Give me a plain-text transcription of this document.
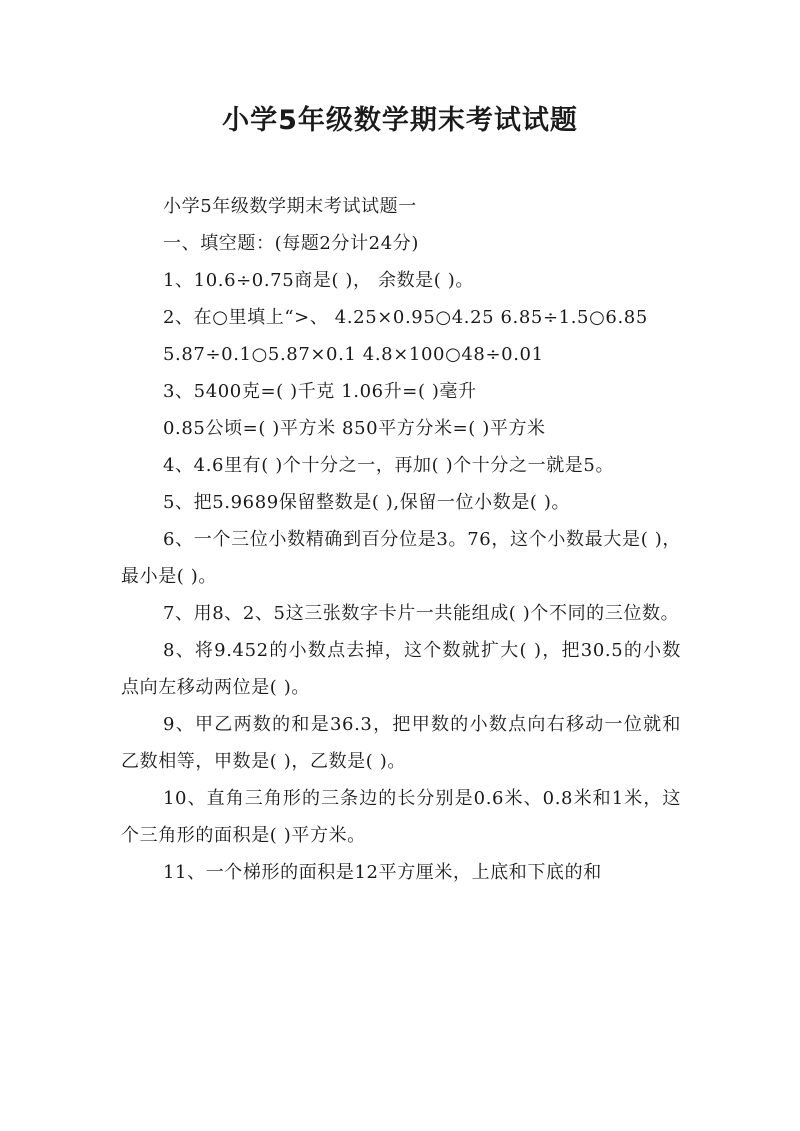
小学5年级数学期末考试试题

小学5年级数学期末考试试题一

一、填空题：(每题2分计24分)

1、10.6÷0.75商是( )， 余数是( )。

2、在○里填上“>、 4.25×0.95○4.25 6.85÷1.5○6.85

5.87÷0.1○5.87×0.1 4.8×100○48÷0.01

3、5400克=( )千克 1.06升=( )毫升

0.85公顷=( )平方米 850平方分米=( )平方米

4、4.6里有( )个十分之一，再加( )个十分之一就是5。

5、把5.9689保留整数是( ),保留一位小数是( )。

6、一个三位小数精确到百分位是3。76，这个小数最大是( )，最小是( )。

7、用8、2、5这三张数字卡片一共能组成( )个不同的三位数。

8、将9.452的小数点去掉，这个数就扩大( )，把30.5的小数点向左移动两位是( )。

9、甲乙两数的和是36.3，把甲数的小数点向右移动一位就和乙数相等，甲数是( )，乙数是( )。

10、直角三角形的三条边的长分别是0.6米、0.8米和1米，这个三角形的面积是( )平方米。

11、一个梯形的面积是12平方厘米，上底和下底的和
